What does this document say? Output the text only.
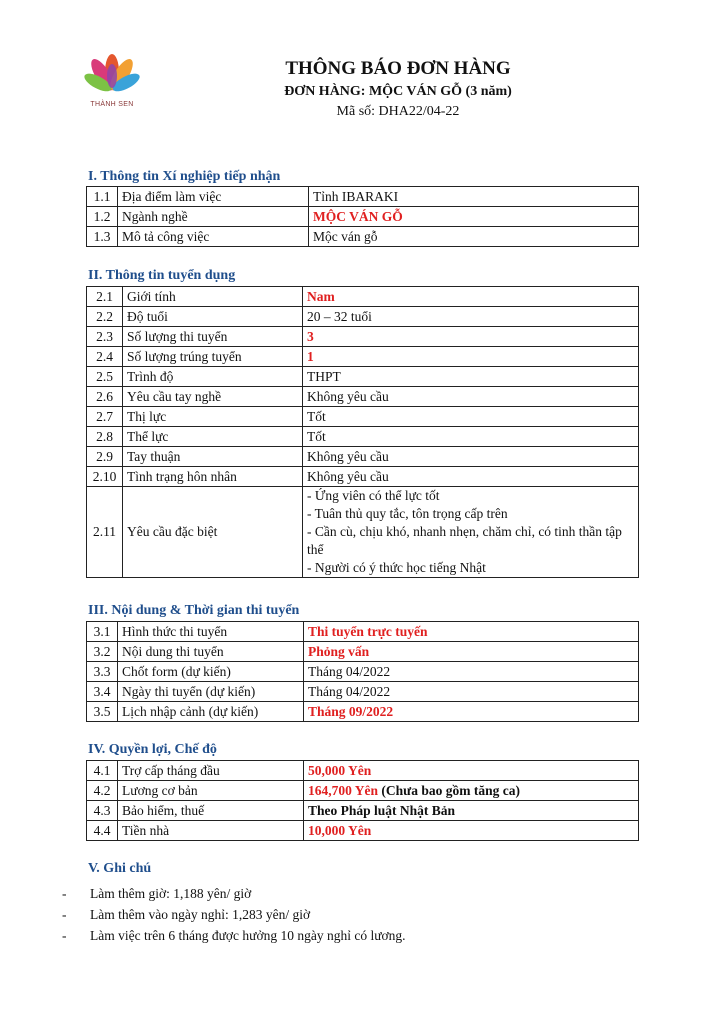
THÀNH SEN
THÔNG BÁO ĐƠN HÀNG
ĐƠN HÀNG: MỘC VÁN GỖ (3 năm)
Mã số: DHA22/04-22
I. Thông tin Xí nghiệp tiếp nhận
1.1	Địa điểm làm việc	Tỉnh IBARAKI
1.2	Ngành nghề	MỘC VÁN GỖ
1.3	Mô tả công việc	Mộc ván gỗ
II. Thông tin tuyển dụng
2.1	Giới tính	Nam
2.2	Độ tuổi	20 – 32 tuổi
2.3	Số lượng thi tuyển	3
2.4	Số lượng trúng tuyển	1
2.5	Trình độ	THPT
2.6	Yêu cầu tay nghề	Không yêu cầu
2.7	Thị lực	Tốt
2.8	Thể lực	Tốt
2.9	Tay thuận	Không yêu cầu
2.10	Tình trạng hôn nhân	Không yêu cầu
2.11	Yêu cầu đặc biệt	- Ứng viên có thể lực tốt
- Tuân thủ quy tắc, tôn trọng cấp trên
- Cần cù, chịu khó, nhanh nhẹn, chăm chỉ, có tinh thần tập thể
- Người có ý thức học tiếng Nhật
III. Nội dung & Thời gian thi tuyển
3.1	Hình thức thi tuyển	Thi tuyển trực tuyến
3.2	Nội dung thi tuyển	Phỏng vấn
3.3	Chốt form (dự kiến)	Tháng 04/2022
3.4	Ngày thi tuyển (dự kiến)	Tháng 04/2022
3.5	Lịch nhập cảnh (dự kiến)	Tháng 09/2022
IV. Quyền lợi, Chế độ
4.1	Trợ cấp tháng đầu	50,000 Yên
4.2	Lương cơ bản	164,700 Yên (Chưa bao gồm tăng ca)
4.3	Bảo hiểm, thuế	Theo Pháp luật Nhật Bản
4.4	Tiền nhà	10,000 Yên
V. Ghi chú
-	Làm thêm giờ: 1,188 yên/ giờ
-	Làm thêm vào ngày nghỉ: 1,283 yên/ giờ
-	Làm việc trên 6 tháng được hưởng 10 ngày nghỉ có lương.
